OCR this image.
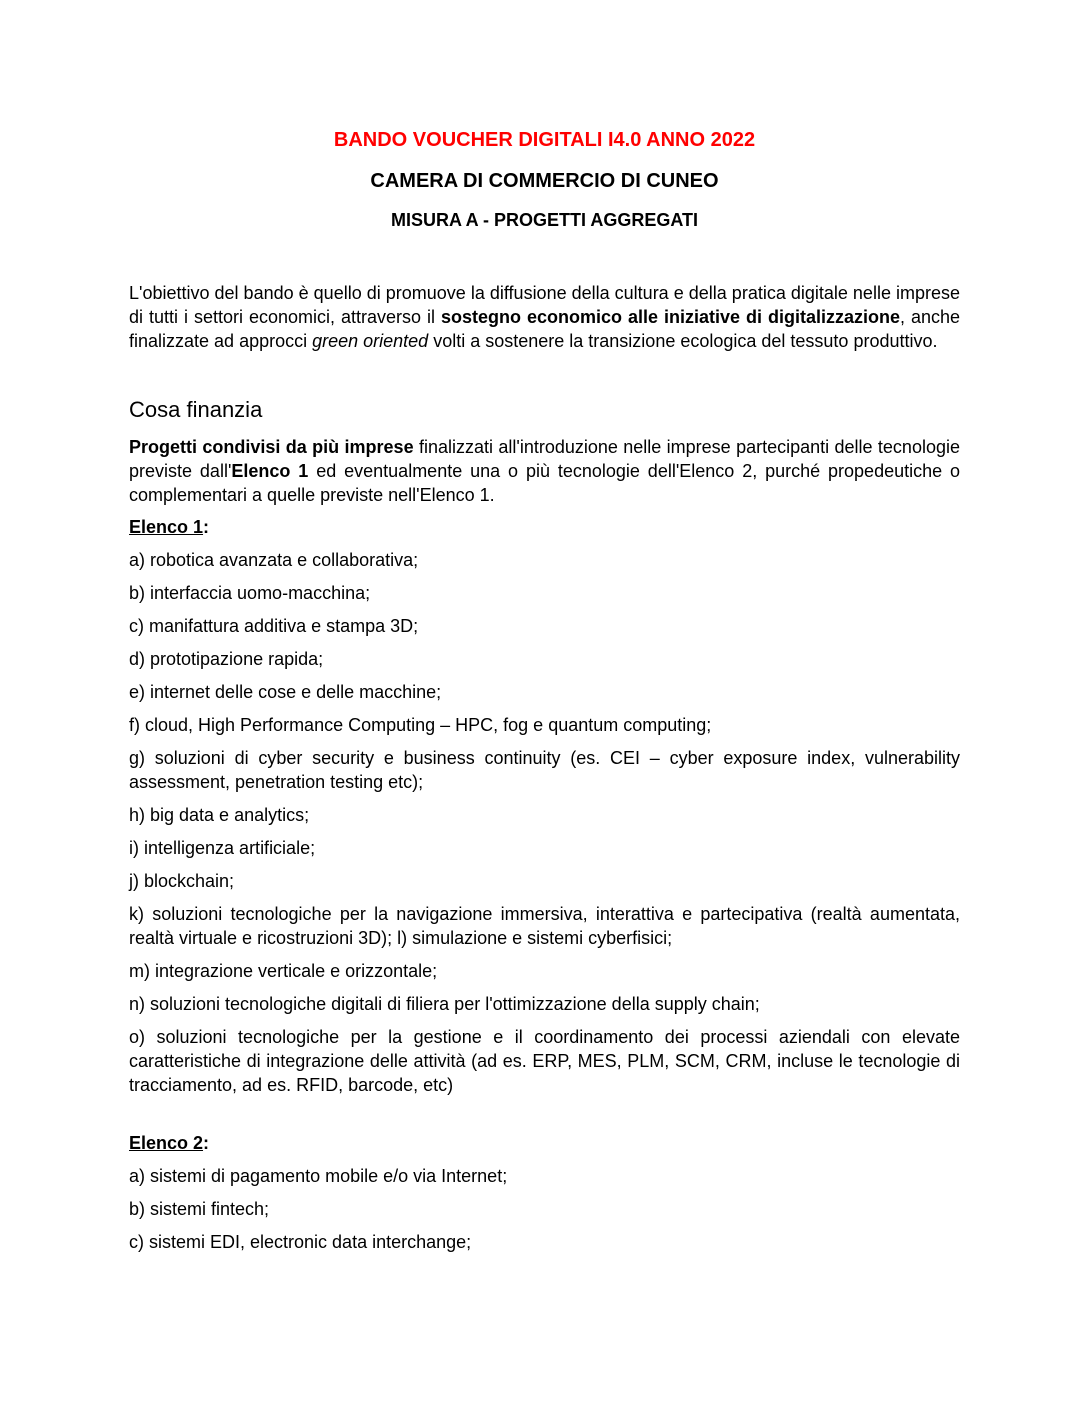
BANDO VOUCHER DIGITALI I4.0 ANNO 2022
CAMERA DI COMMERCIO DI CUNEO
MISURA A - PROGETTI AGGREGATI

L'obiettivo del bando è quello di promuove la diffusione della cultura e della pratica digitale nelle imprese di tutti i settori economici, attraverso il sostegno economico alle iniziative di digitalizzazione, anche finalizzate ad approcci green oriented volti a sostenere la transizione ecologica del tessuto produttivo.

Cosa finanzia

Progetti condivisi da più imprese finalizzati all'introduzione nelle imprese partecipanti delle tecnologie previste dall'Elenco 1 ed eventualmente una o più tecnologie dell'Elenco 2, purché propedeutiche o complementari a quelle previste nell'Elenco 1.

Elenco 1:

a) robotica avanzata e collaborativa;

b) interfaccia uomo-macchina;

c) manifattura additiva e stampa 3D;

d) prototipazione rapida;

e) internet delle cose e delle macchine;

f) cloud, High Performance Computing – HPC, fog e quantum computing;

g) soluzioni di cyber security e business continuity (es. CEI – cyber exposure index, vulnerability assessment, penetration testing etc);

h) big data e analytics;

i) intelligenza artificiale;

j) blockchain;

k) soluzioni tecnologiche per la navigazione immersiva, interattiva e partecipativa (realtà aumentata, realtà virtuale e ricostruzioni 3D); l) simulazione e sistemi cyberfisici;

m) integrazione verticale e orizzontale;

n) soluzioni tecnologiche digitali di filiera per l'ottimizzazione della supply chain;

o) soluzioni tecnologiche per la gestione e il coordinamento dei processi aziendali con elevate caratteristiche di integrazione delle attività (ad es. ERP, MES, PLM, SCM, CRM, incluse le tecnologie di tracciamento, ad es. RFID, barcode, etc)

Elenco 2:

a) sistemi di pagamento mobile e/o via Internet;

b) sistemi fintech;

c) sistemi EDI, electronic data interchange;
